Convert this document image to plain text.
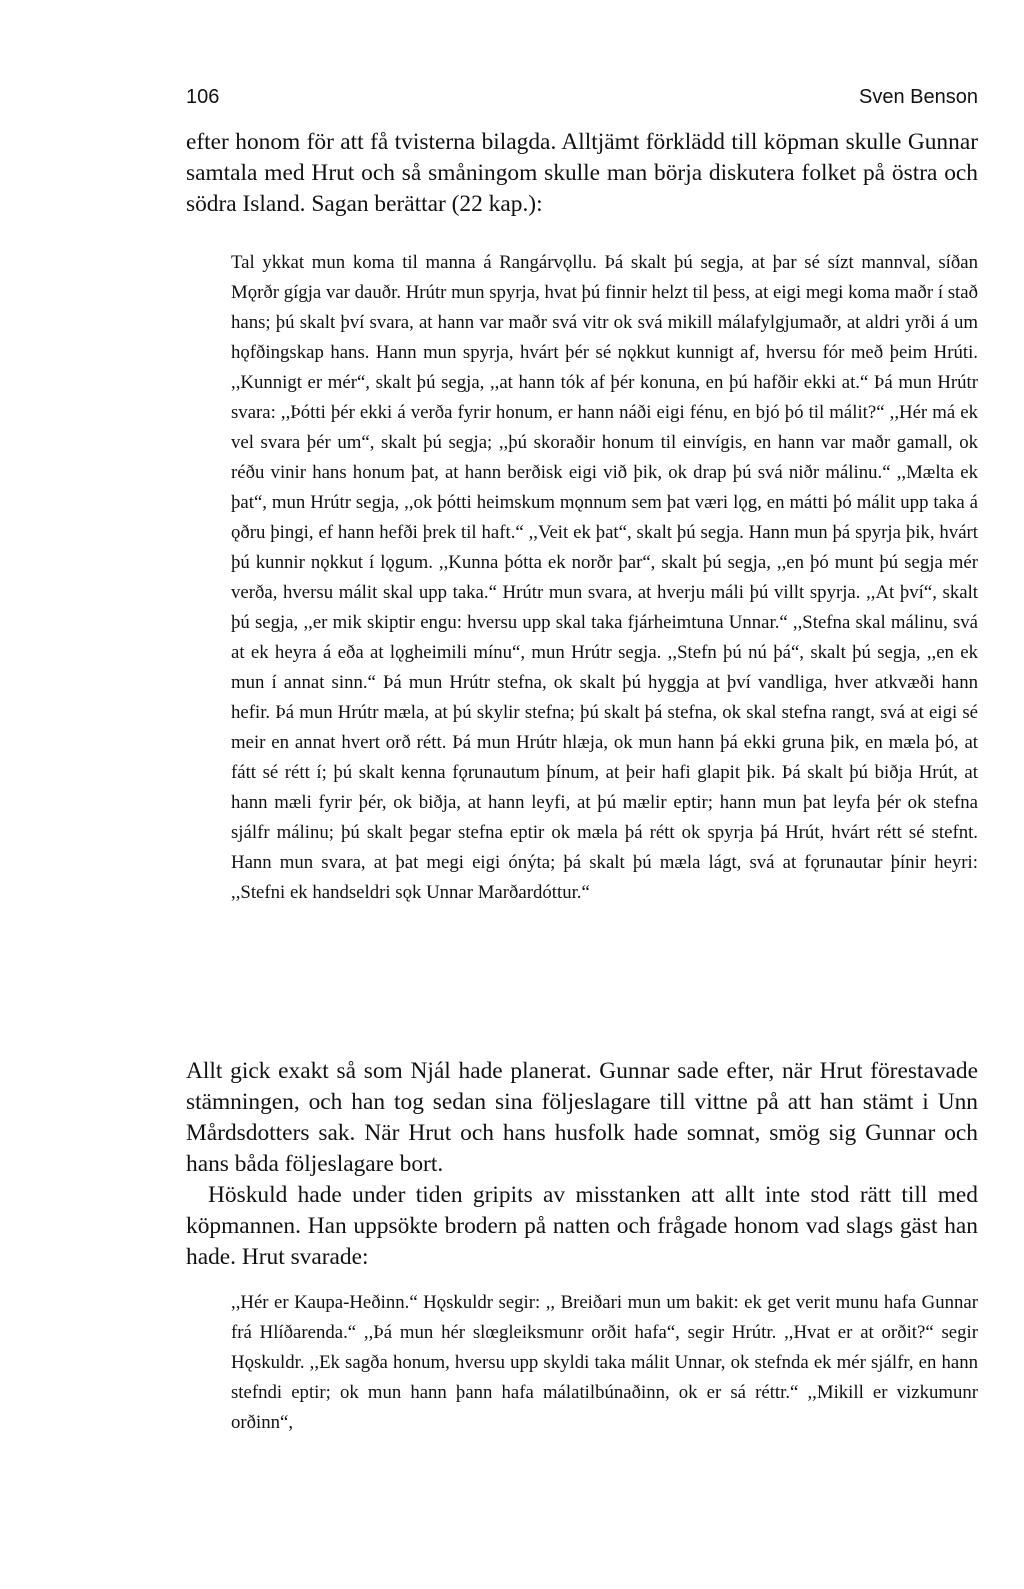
106	Sven Benson

efter honom för att få tvisterna bilagda. Alltjämt förklädd till köpman skulle Gunnar samtala med Hrut och så småningom skulle man börja diskutera folket på östra och södra Island. Sagan berättar (22 kap.):

Tal ykkat mun koma til manna á Rangárvǫllu. Þá skalt þú segja, at þar sé sízt mannval, síðan Mǫrðr gígja var dauðr. Hrútr mun spyrja, hvat þú finnir helzt til þess, at eigi megi koma maðr í stað hans; þú skalt því svara, at hann var maðr svá vitr ok svá mikill málafylgjumaðr, at aldri yrði á um hǫfðingskap hans. Hann mun spyrja, hvárt þér sé nǫkkut kunnigt af, hversu fór með þeim Hrúti. ,,Kunnigt er mér“, skalt þú segja, ,,at hann tók af þér konuna, en þú hafðir ekki at.“ Þá mun Hrútr svara: ,,Þótti þér ekki á verða fyrir honum, er hann náði eigi fénu, en bjó þó til málit?“ ,,Hér má ek vel svara þér um“, skalt þú segja; ,,þú skoraðir honum til einvígis, en hann var maðr gamall, ok réðu vinir hans honum þat, at hann berðisk eigi við þik, ok drap þú svá niðr málinu.“ ,,Mælta ek þat“, mun Hrútr segja, ,,ok þótti heimskum mǫnnum sem þat væri lǫg, en mátti þó málit upp taka á ǫðru þingi, ef hann hefði þrek til haft.“ ,,Veit ek þat“, skalt þú segja. Hann mun þá spyrja þik, hvárt þú kunnir nǫkkut í lǫgum. ,,Kunna þótta ek norðr þar“, skalt þú segja, ,,en þó munt þú segja mér verða, hversu málit skal upp taka.“ Hrútr mun svara, at hverju máli þú villt spyrja. ,,At því“, skalt þú segja, ,,er mik skiptir engu: hversu upp skal taka fjárheimtuna Unnar.“ ,,Stefna skal málinu, svá at ek heyra á eða at lǫgheimili mínu“, mun Hrútr segja. ,,Stefn þú nú þá“, skalt þú segja, ,,en ek mun í annat sinn.“ Þá mun Hrútr stefna, ok skalt þú hyggja at því vandliga, hver atkvæði hann hefir. Þá mun Hrútr mæla, at þú skylir stefna; þú skalt þá stefna, ok skal stefna rangt, svá at eigi sé meir en annat hvert orð rétt. Þá mun Hrútr hlæja, ok mun hann þá ekki gruna þik, en mæla þó, at fátt sé rétt í; þú skalt kenna fǫrunautum þínum, at þeir hafi glapit þik. Þá skalt þú biðja Hrút, at hann mæli fyrir þér, ok biðja, at hann leyfi, at þú mælir eptir; hann mun þat leyfa þér ok stefna sjálfr málinu; þú skalt þegar stefna eptir ok mæla þá rétt ok spyrja þá Hrút, hvárt rétt sé stefnt. Hann mun svara, at þat megi eigi ónýta; þá skalt þú mæla lágt, svá at fǫrunautar þínir heyri: ,,Stefni ek handseldri sǫk Unnar Marðardóttur.“

Allt gick exakt så som Njál hade planerat. Gunnar sade efter, när Hrut förestavade stämningen, och han tog sedan sina följeslagare till vittne på att han stämt i Unn Mårdsdotters sak. När Hrut och hans husfolk hade somnat, smög sig Gunnar och hans båda följeslagare bort.

Höskuld hade under tiden gripits av misstanken att allt inte stod rätt till med köpmannen. Han uppsökte brodern på natten och frågade honom vad slags gäst han hade. Hrut svarade:

,,Hér er Kaupa-Heðinn.“ Hǫskuldr segir: ,, Breiðari mun um bakit: ek get verit munu hafa Gunnar frá Hlíðarenda.“ ,,Þá mun hér slœgleiksmunr orðit hafa“, segir Hrútr. ,,Hvat er at orðit?“ segir Hǫskuldr. ,,Ek sagða honum, hversu upp skyldi taka málit Unnar, ok stefnda ek mér sjálfr, en hann stefndi eptir; ok mun hann þann hafa málatilbúnaðinn, ok er sá réttr.“ ,,Mikill er vizkumunr orðinn“,
